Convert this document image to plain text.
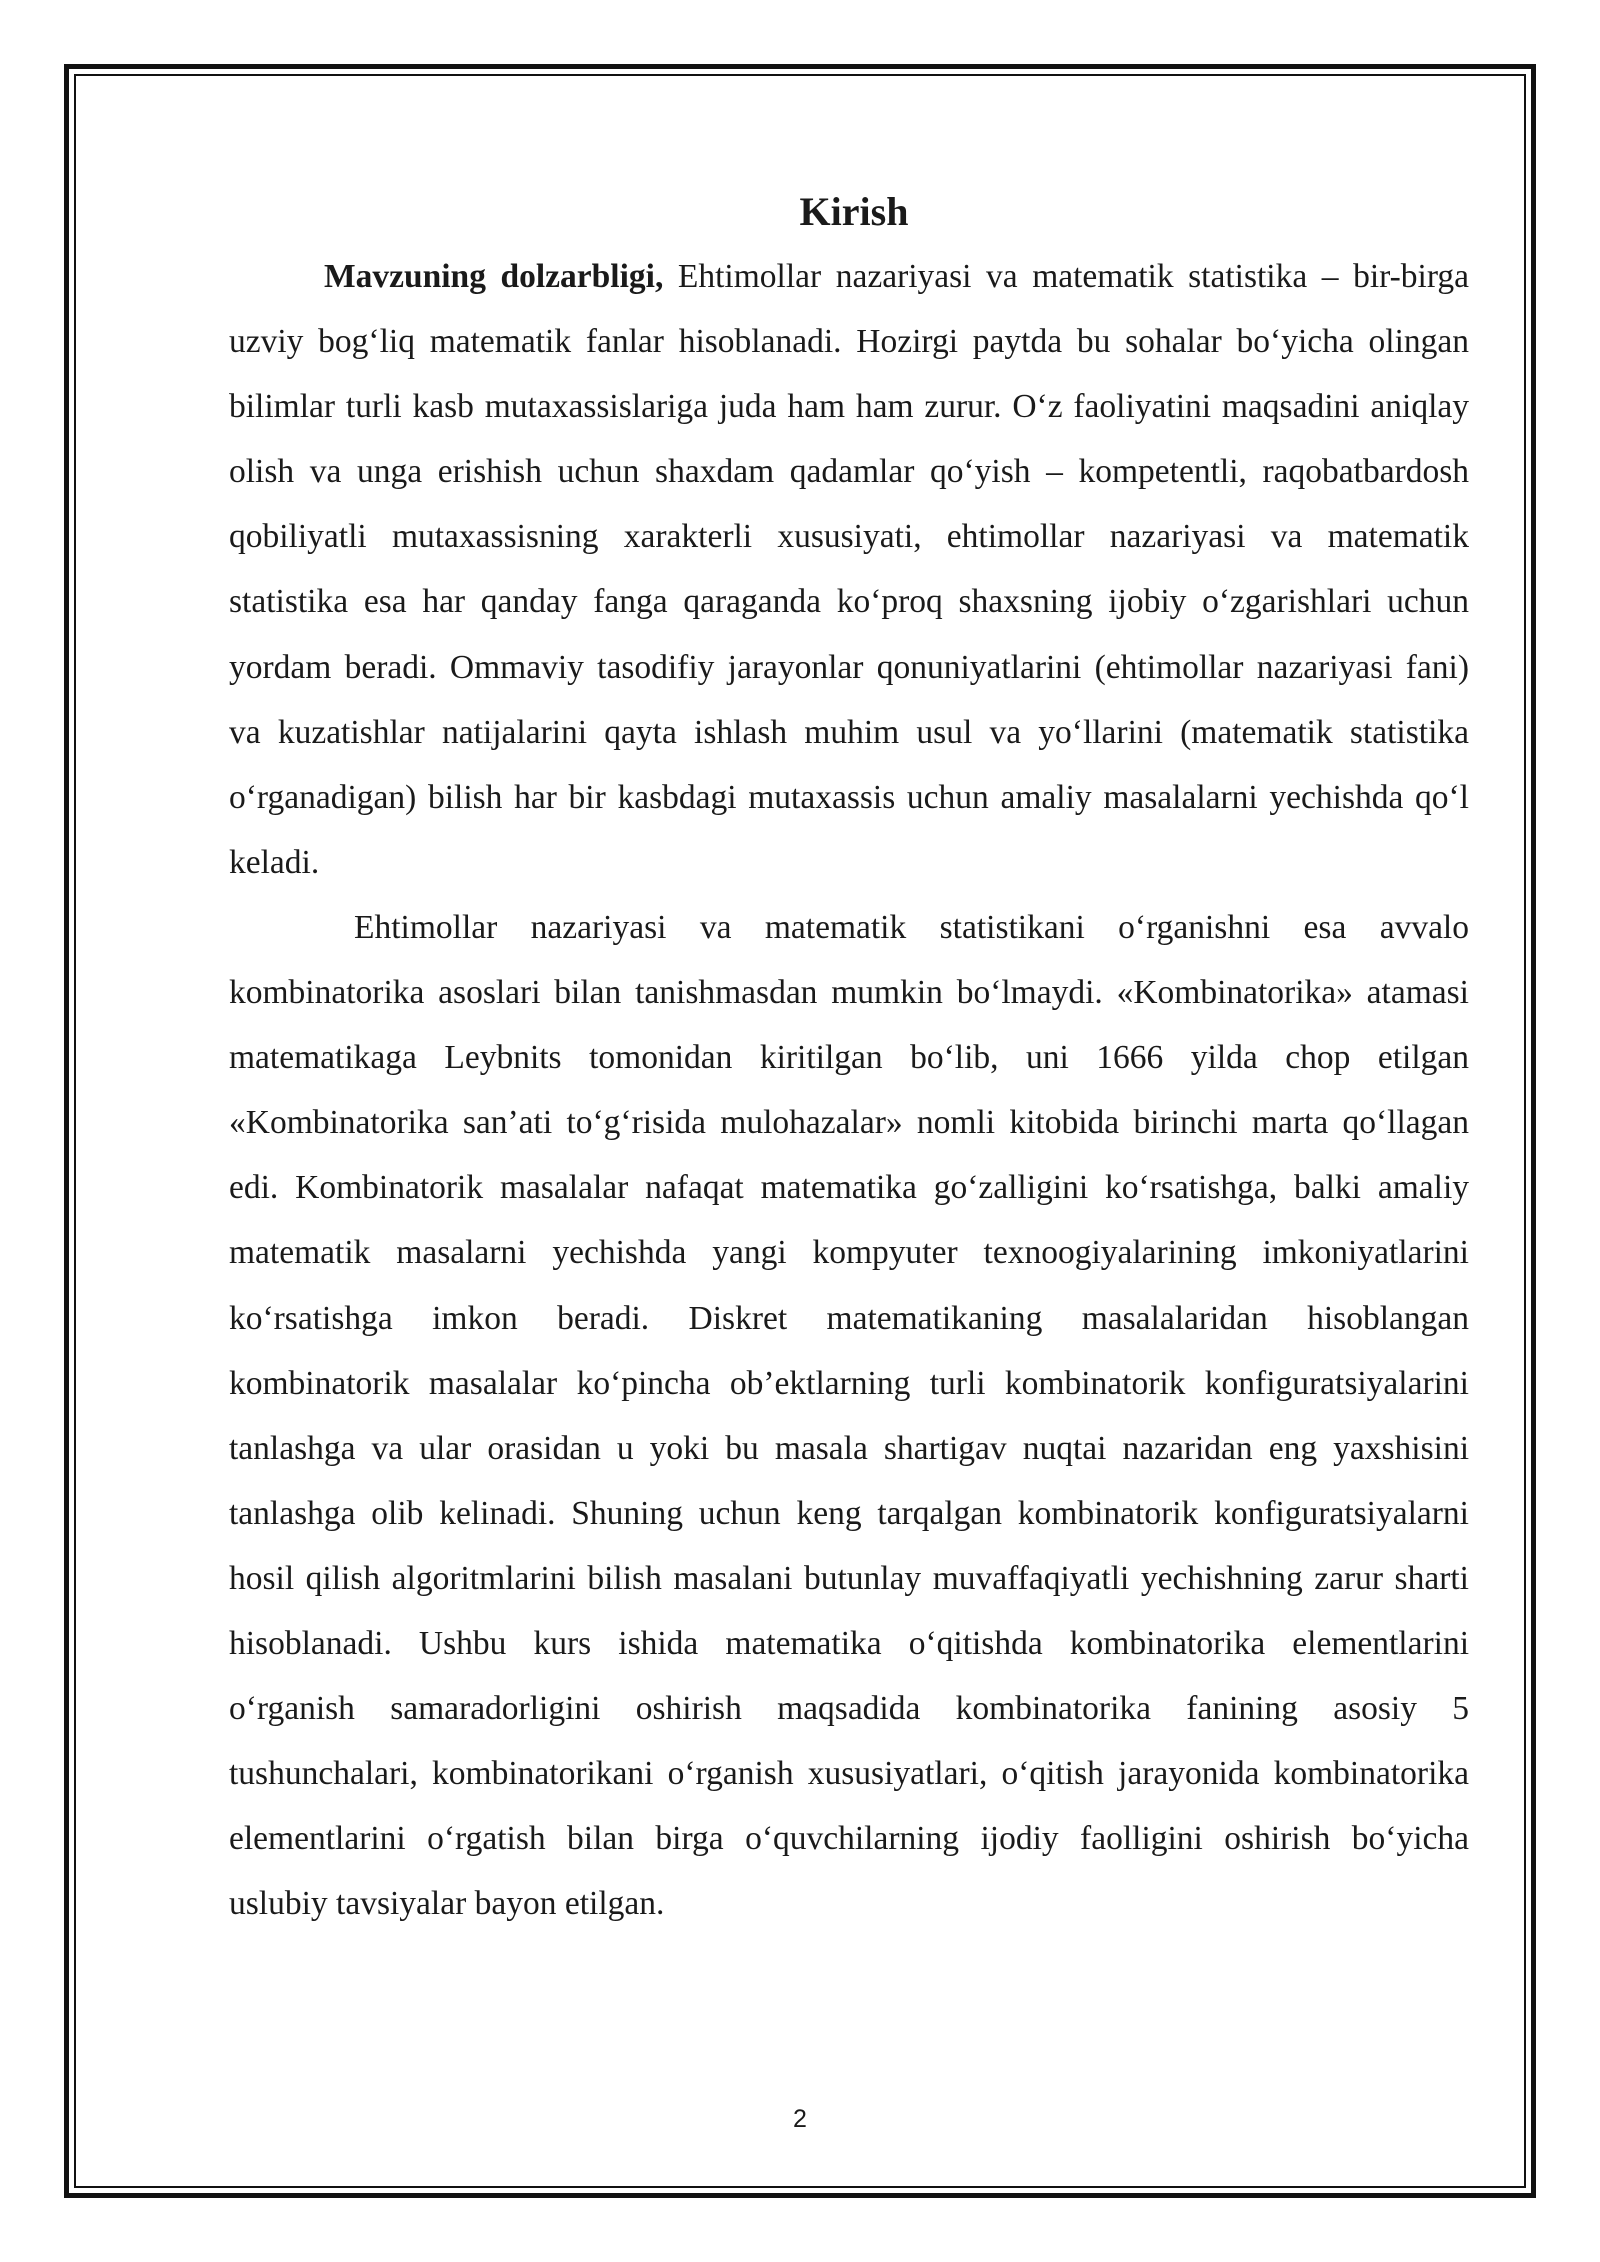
Kirish

Mavzuning dolzarbligi, Ehtimollar nazariyasi va matematik statistika – bir-birga uzviy bog‘liq matematik fanlar hisoblanadi. Hozirgi paytda bu sohalar bo‘yicha olingan bilimlar turli kasb mutaxassislariga juda ham ham zurur. O‘z faoliyatini maqsadini aniqlay olish va unga erishish uchun shaxdam qadamlar qo‘yish – kompetentli, raqobatbardosh qobiliyatli mutaxassisning xarakterli xususiyati, ehtimollar nazariyasi va matematik statistika esa har qanday fanga qaraganda ko‘proq shaxsning ijobiy o‘zgarishlari uchun yordam beradi. Ommaviy tasodifiy jarayonlar qonuniyatlarini (ehtimollar nazariyasi fani) va kuzatishlar natijalarini qayta ishlash muhim usul va yo‘llarini (matematik statistika o‘rganadigan) bilish har bir kasbdagi mutaxassis uchun amaliy masalalarni yechishda qo‘l keladi.

Ehtimollar nazariyasi va matematik statistikani o‘rganishni esa avvalo kombinatorika asoslari bilan tanishmasdan mumkin bo‘lmaydi. «Kombinatorika» atamasi matematikaga Leybnits tomonidan kiritilgan bo‘lib, uni 1666 yilda chop etilgan «Kombinatorika san’ati to‘g‘risida mulohazalar» nomli kitobida birinchi marta qo‘llagan edi. Kombinatorik masalalar nafaqat matematika go‘zalligini ko‘rsatishga, balki amaliy matematik masalarni yechishda yangi kompyuter texnoogiyalarining imkoniyatlarini ko‘rsatishga imkon beradi. Diskret matematikaning masalalaridan hisoblangan kombinatorik masalalar ko‘pincha ob’ektlarning turli kombinatorik konfiguratsiyalarini tanlashga va ular orasidan u yoki bu masala shartigav nuqtai nazaridan eng yaxshisini tanlashga olib kelinadi. Shuning uchun keng tarqalgan kombinatorik konfiguratsiyalarni hosil qilish algoritmlarini bilish masalani butunlay muvaffaqiyatli yechishning zarur sharti hisoblanadi. Ushbu kurs ishida matematika o‘qitishda kombinatorika elementlarini o‘rganish samaradorligini oshirish maqsadida kombinatorika fanining asosiy 5 tushunchalari, kombinatorikani o‘rganish xususiyatlari, o‘qitish jarayonida kombinatorika elementlarini o‘rgatish bilan birga o‘quvchilarning ijodiy faolligini oshirish bo‘yicha uslubiy tavsiyalar bayon etilgan.

2
